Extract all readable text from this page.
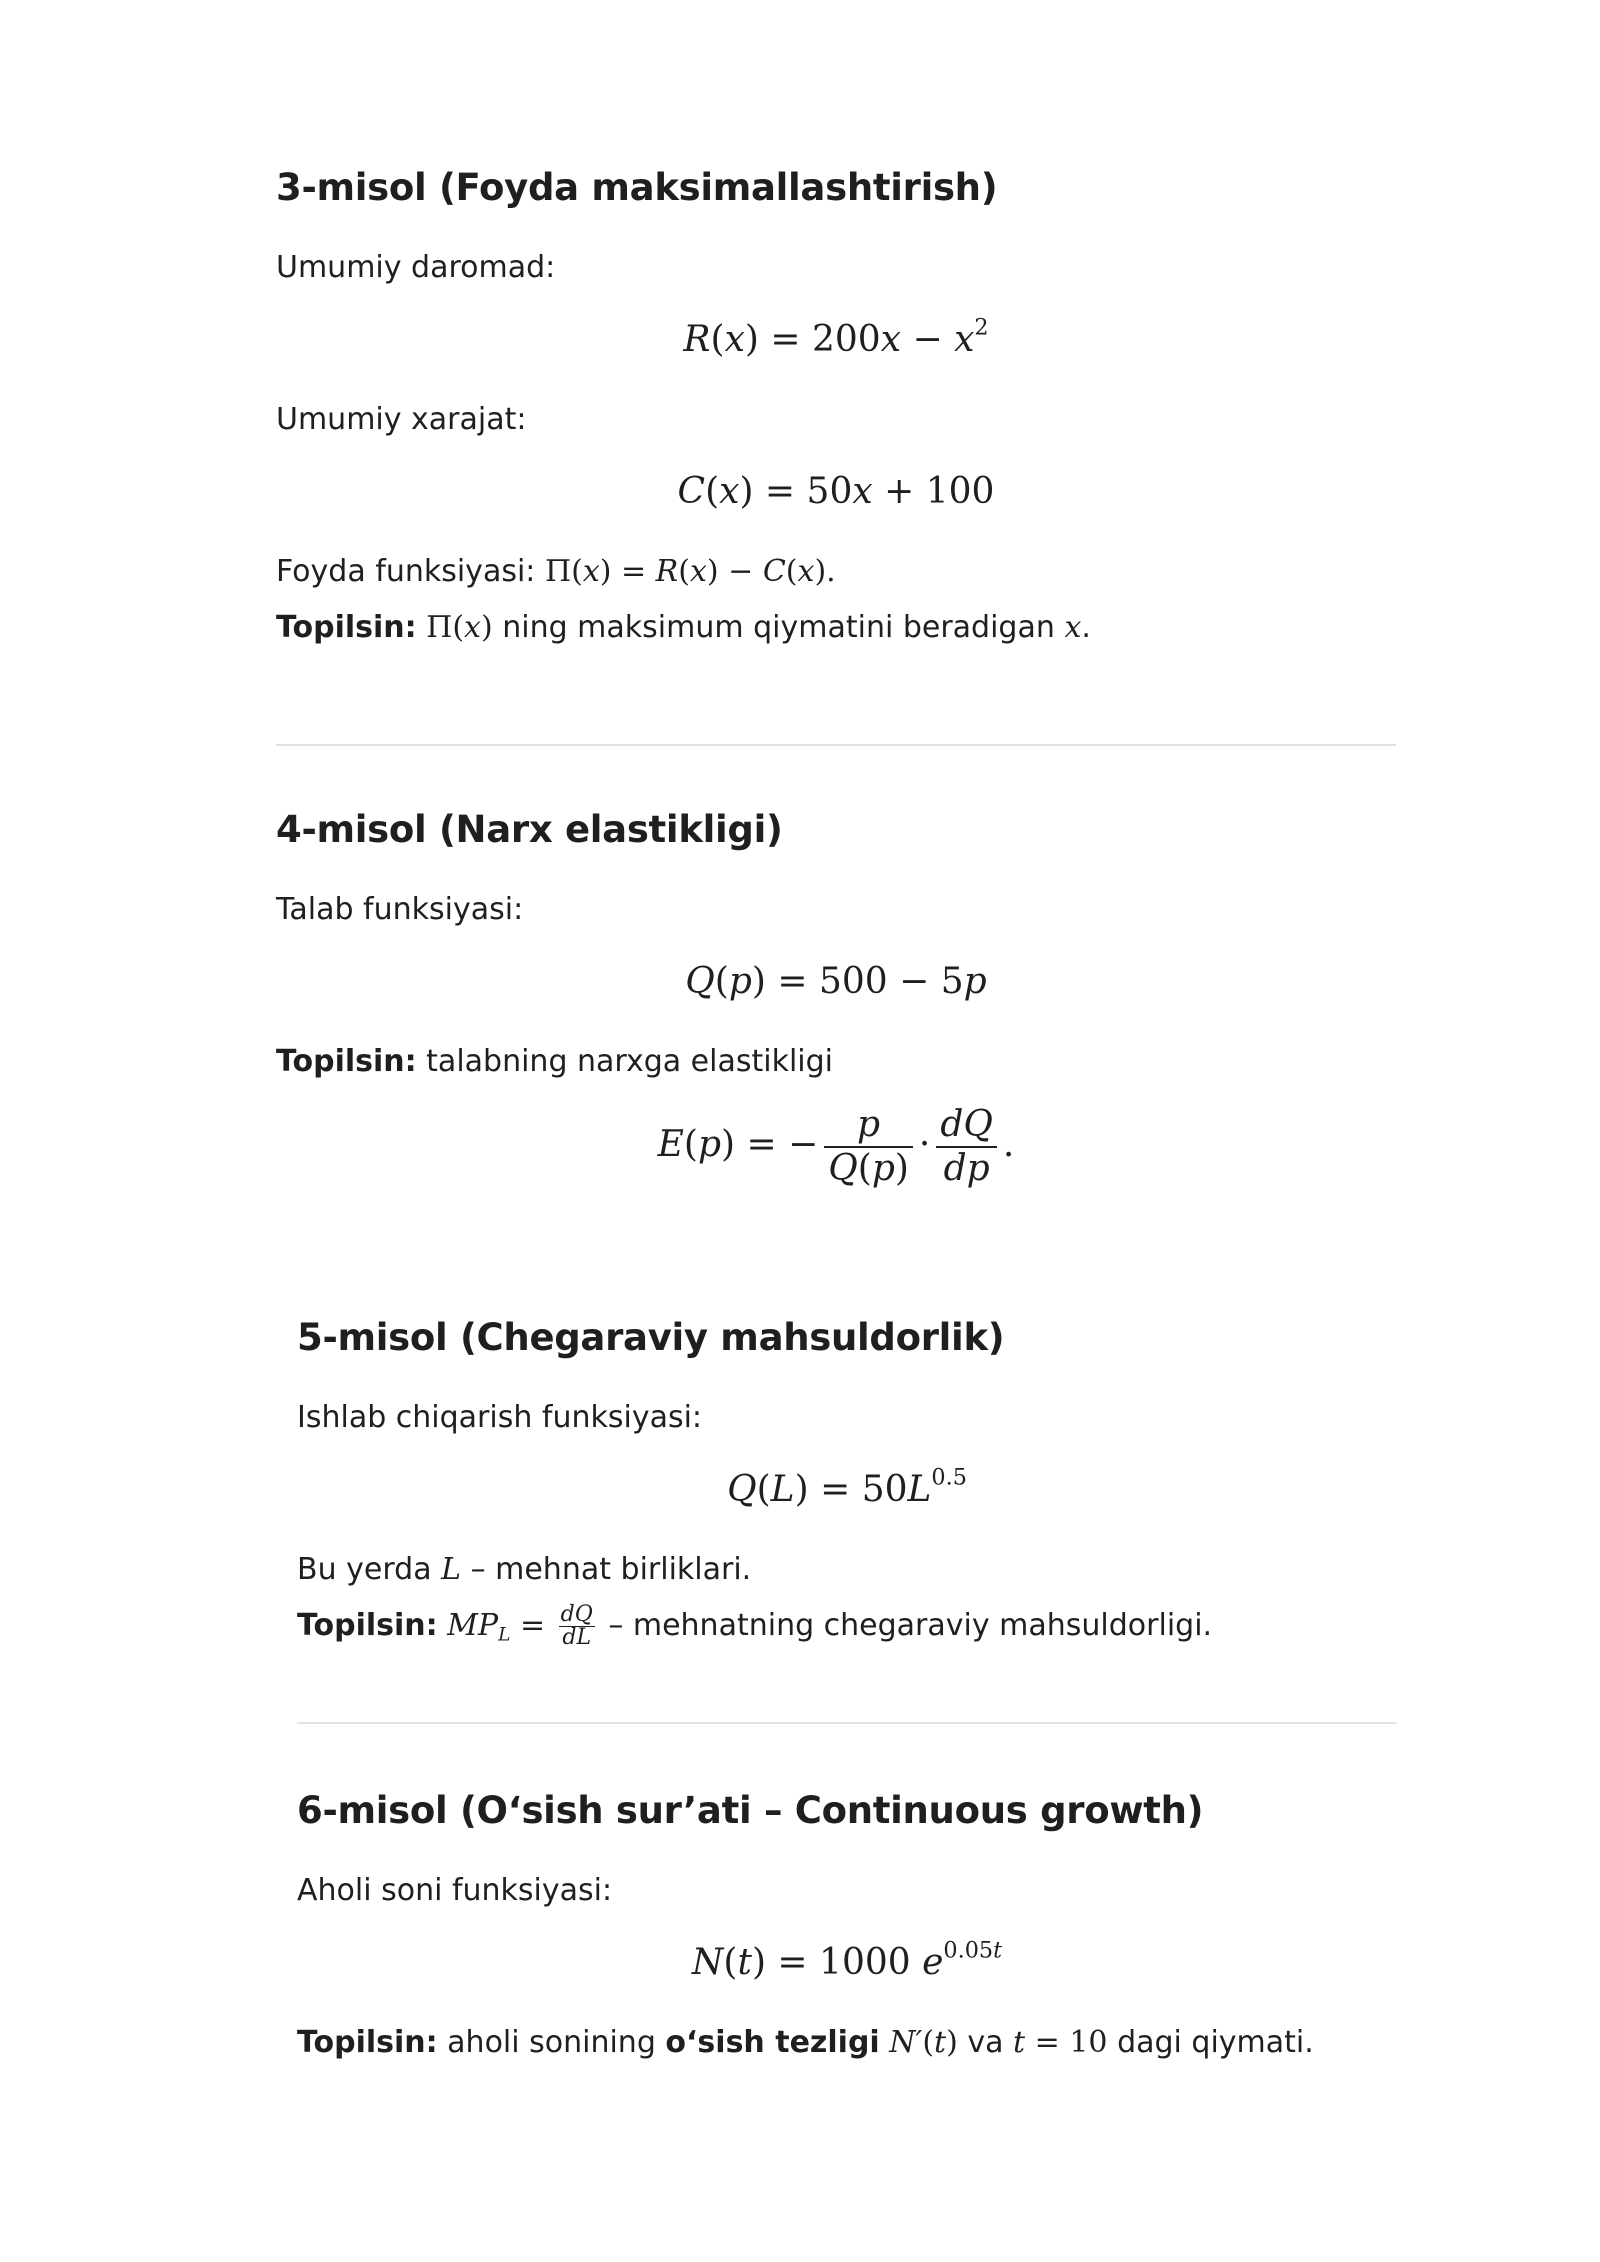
3-misol (Foyda maksimallashtirish)

Umumiy daromad:

$R(x) = 200x - x^2$

Umumiy xarajat:

C(x) = 50x + 100

Foyda funksiyasi: Π(x) = R(x) − C(x).

Topilsin: Π(x) ning maksimum qiymatini beradigan x.

4-misol (Narx elastikligi)

Talab funksiyasi:

Q(p) = 500 − 5p

Topilsin: talabning narxga elastikligi

E(p) = − $\frac{p}{Q(p)} \cdot \frac{dQ}{dp}$ .
5-misol (Chegaraviy mahsuldorlik)

Ishlab chiqarish funksiyasi:

$Q(L) = 50L^{0.5}$

Bu yerda L – mehnat birliklari.

Topilsin: $MP_L = \frac{dQ}{dL}$ – mehnatning chegaraviy mahsuldorligi.

6-misol (O‘sish sur’ati – Continuous growth)

Aholi soni funksiyasi:

N(t) = 1000 $e^{0.05t}$

Topilsin: aholi sonining o‘sish tezligi N′(t) va t = 10 dagi qiymati.
